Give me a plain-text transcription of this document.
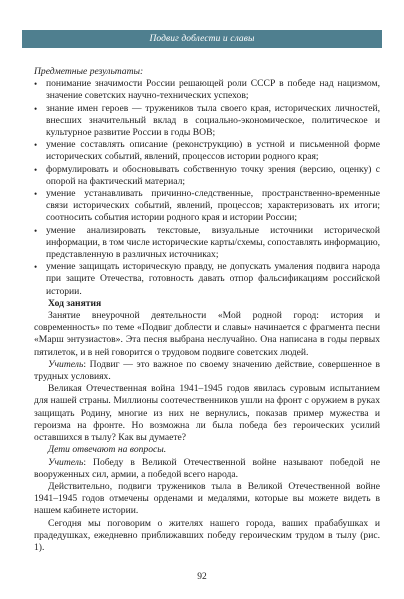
Подвиг доблести и славы

Предметные результаты:

• понимание значимости России решающей роли СССР в победе над нацизмом, значение советских научно-технических успехов;
• знание имен героев — тружеников тыла своего края, исторических личностей, внесших значительный вклад в социально-экономическое, политическое и культурное развитие России в годы ВОВ;
• умение составлять описание (реконструкцию) в устной и письменной форме исторических событий, явлений, процессов истории родного края;
• формулировать и обосновывать собственную точку зрения (версию, оценку) с опорой на фактический материал;
• умение устанавливать причинно-следственные, пространственно-временные связи исторических событий, явлений, процессов; характеризовать их итоги; соотносить события истории родного края и истории России;
• умение анализировать текстовые, визуальные источники исторической информации, в том числе исторические карты/схемы, сопоставлять информацию, представленную в различных источниках;
• умение защищать историческую правду, не допускать умаления подвига народа при защите Отечества, готовность давать отпор фальсификациям российской истории.

Ход занятия

Занятие внеурочной деятельности «Мой родной город: история и современность» по теме «Подвиг доблести и славы» начинается с фрагмента песни «Марш энтузиастов». Эта песня выбрана неслучайно. Она написана в годы первых пятилеток, и в ней говорится о трудовом подвиге советских людей.

Учитель: Подвиг — это важное по своему значению действие, совершенное в трудных условиях.

Великая Отечественная война 1941–1945 годов явилась суровым испытанием для нашей страны. Миллионы соотечественников ушли на фронт с оружием в руках защищать Родину, многие из них не вернулись, показав пример мужества и героизма на фронте. Но возможна ли была победа без героических усилий оставшихся в тылу? Как вы думаете?

Дети отвечают на вопросы.

Учитель: Победу в Великой Отечественной войне называют победой не вооруженных сил, армии, а победой всего народа.

Действительно, подвиги тружеников тыла в Великой Отечественной войне 1941–1945 годов отмечены орденами и медалями, которые вы можете видеть в нашем кабинете истории.

Сегодня мы поговорим о жителях нашего города, ваших прабабушках и прадедушках, ежедневно приближавших победу героическим трудом в тылу (рис. 1).

92
